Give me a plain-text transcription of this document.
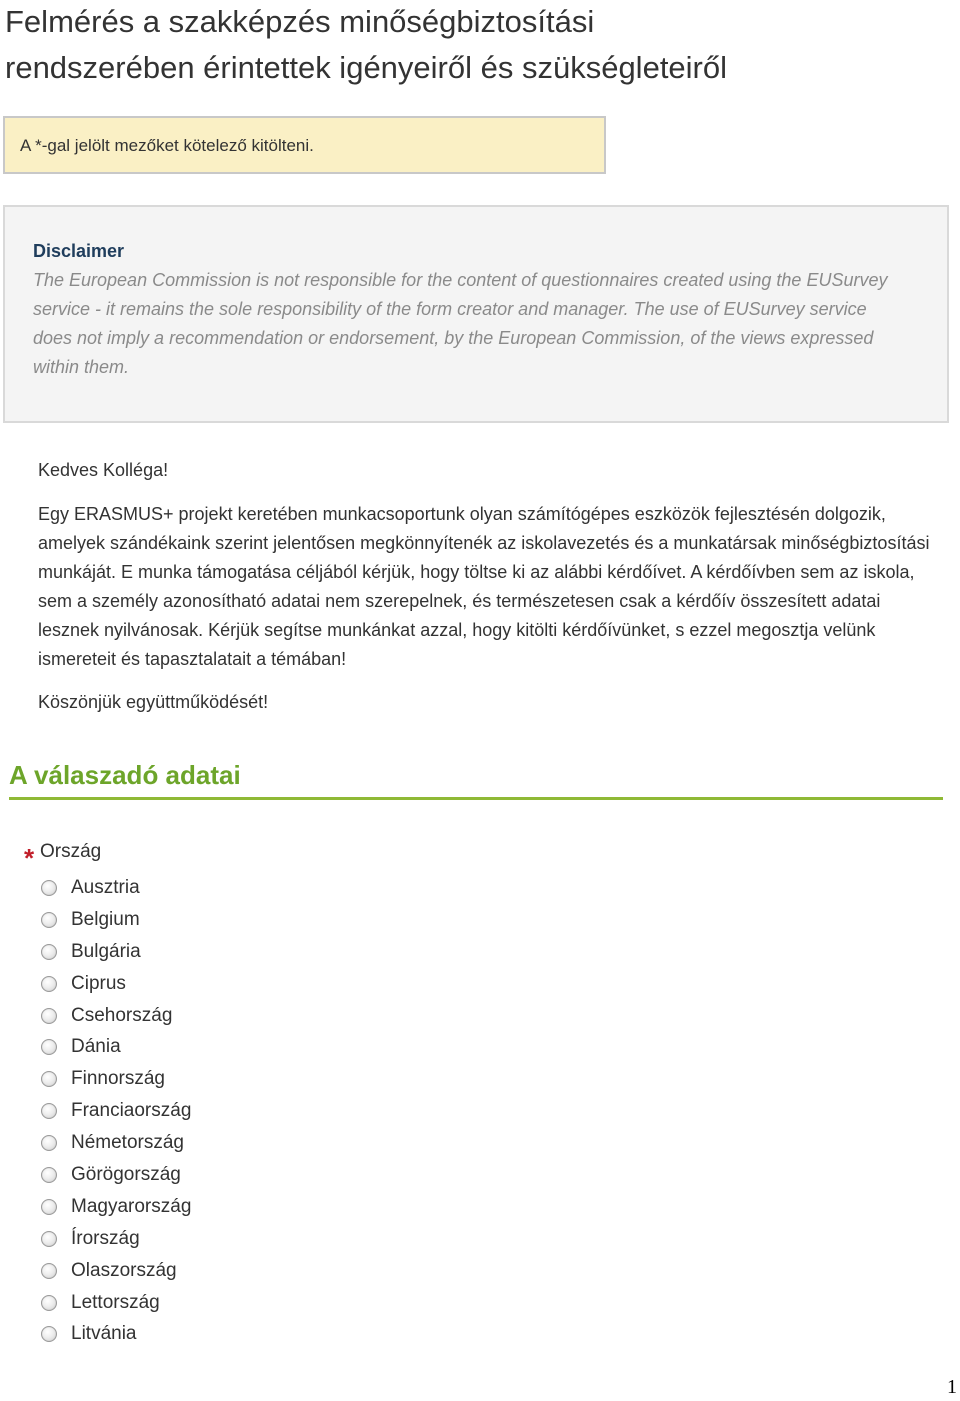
Felmérés a szakképzés minőségbiztosítási
rendszerében érintettek igényeiről és szükségleteiről
A *-gal jelölt mezőket kötelező kitölteni.

Disclaimer

The European Commission is not responsible for the content of questionnaires created using the EUSurvey service - it remains the sole responsibility of the form creator and manager. The use of EUSurvey service does not imply a recommendation or endorsement, by the European Commission, of the views expressed within them.

Kedves Kolléga!

Egy ERASMUS+ projekt keretében munkacsoportunk olyan számítógépes eszközök fejlesztésén dolgozik, amelyek szándékaink szerint jelentősen megkönnyítenék az iskolavezetés és a munkatársak minőségbiztosítási munkáját. E munka támogatása céljából kérjük, hogy töltse ki az alábbi kérdőívet. A kérdőívben sem az iskola, sem a személy azonosítható adatai nem szerepelnek, és természetesen csak a kérdőív összesített adatai lesznek nyilvánosak. Kérjük segítse munkánkat azzal, hogy kitölti kérdőívünket, s ezzel megosztja velünk ismereteit és tapasztalatait a témában!

Köszönjük együttműködését!

A válaszadó adatai
* Ország
Ausztria
Belgium
Bulgária
Ciprus
Csehország
Dánia
Finnország
Franciaország
Németország
Görögország
Magyarország
Írország
Olaszország
Lettország
Litvánia
1
